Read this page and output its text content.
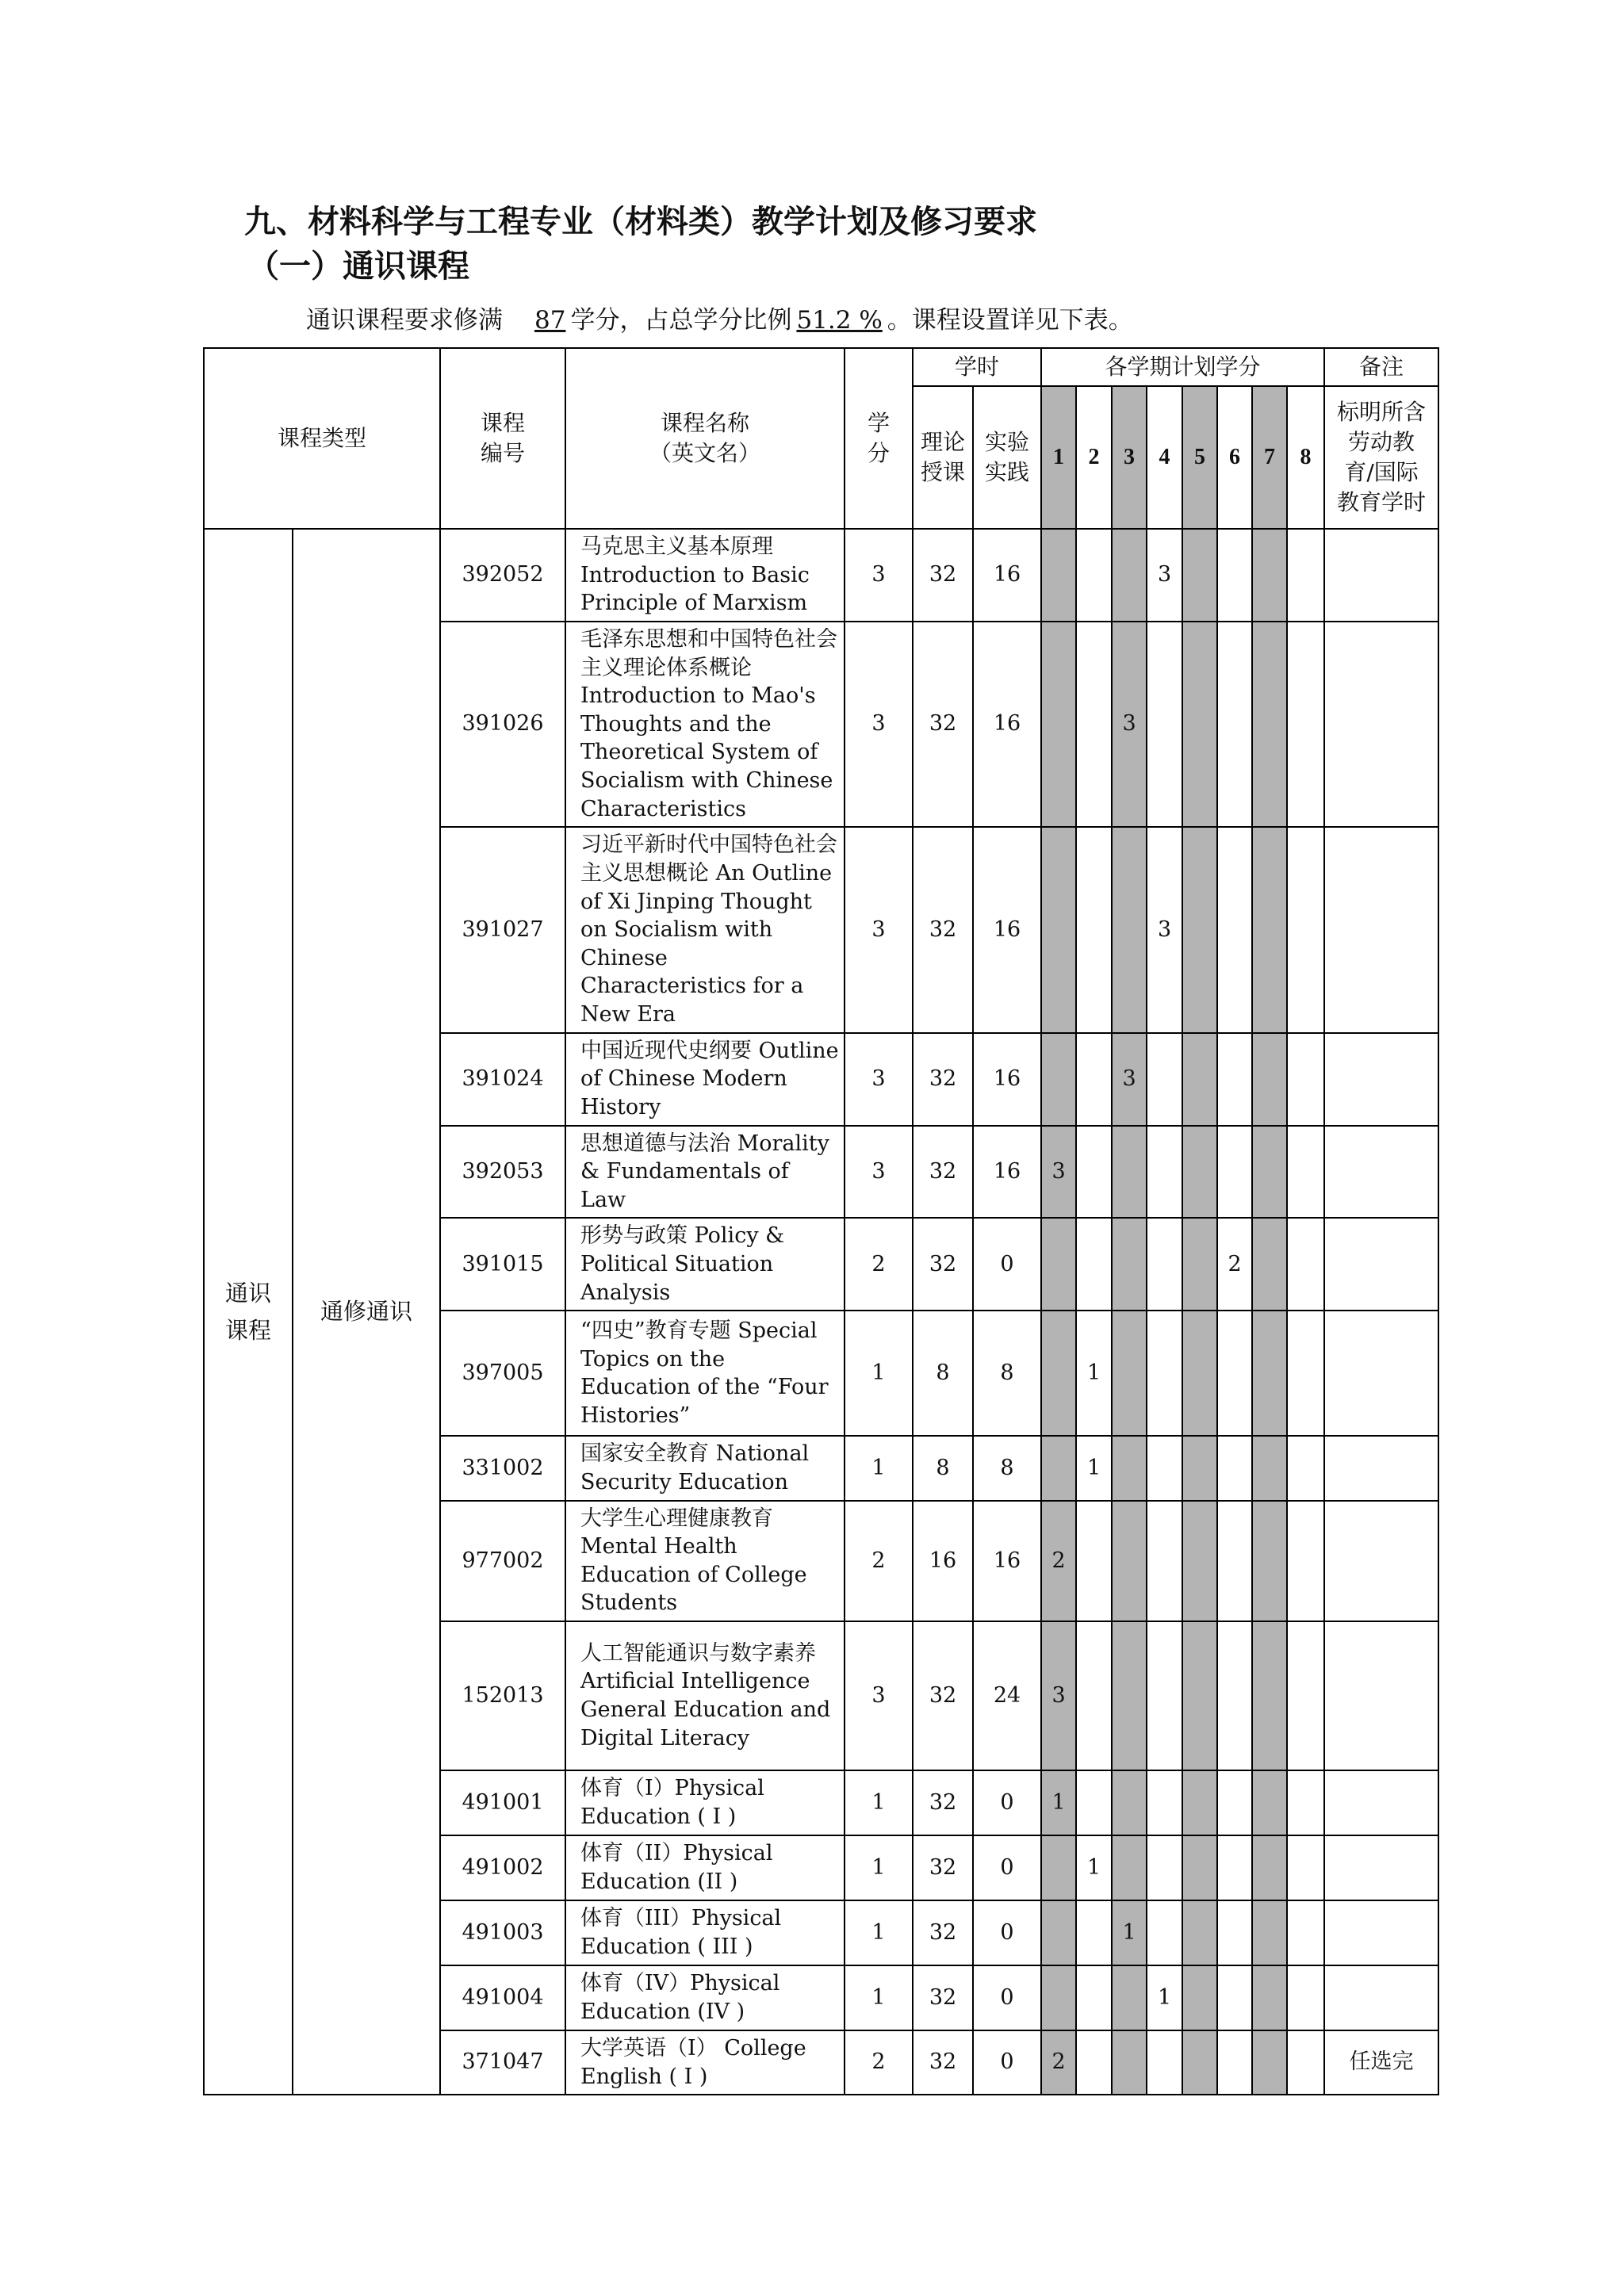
九、材料科学与工程专业（材料类）教学计划及修习要求
（一）通识课程
通识课程要求修满 87 学分，占总学分比例 51.2 % 。课程设置详见下表。
课程类型		课程编号	课程名称（英文名）	学分	学时		各学期计划学分								备注
					理论授课	实验实践	1	2	3	4	5	6	7	8	标明所含劳动教育/国际教育学时
通识课程	通修通识	392052	马克思主义基本原理 Introduction to Basic Principle of Marxism	3	32	16				3					
		391026	毛泽东思想和中国特色社会主义理论体系概论 Introduction to Mao's Thoughts and the Theoretical System of Socialism with Chinese Characteristics	3	32	16			3						
		391027	习近平新时代中国特色社会主义思想概论 An Outline of Xi Jinping Thought on Socialism with Chinese Characteristics for a New Era	3	32	16				3					
		391024	中国近现代史纲要 Outline of Chinese Modern History	3	32	16			3						
		392053	思想道德与法治 Morality & Fundamentals of Law	3	32	16	3								
		391015	形势与政策 Policy & Political Situation Analysis	2	32	0						2			
		397005	“四史”教育专题 Special Topics on the Education of the “Four Histories”	1	8	8		1							
		331002	国家安全教育 National Security Education	1	8	8		1							
		977002	大学生心理健康教育 Mental Health Education of College Students	2	16	16	2								
		152013	人工智能通识与数字素养 Artificial Intelligence General Education and Digital Literacy	3	32	24	3								
		491001	体育（I）Physical Education ( I )	1	32	0	1								
		491002	体育（II）Physical Education (II )	1	32	0		1							
		491003	体育（III）Physical Education ( III )	1	32	0			1						
		491004	体育（IV）Physical Education (IV )	1	32	0				1					
		371047	大学英语（I） College English ( I )	2	32	0	2								任选完
